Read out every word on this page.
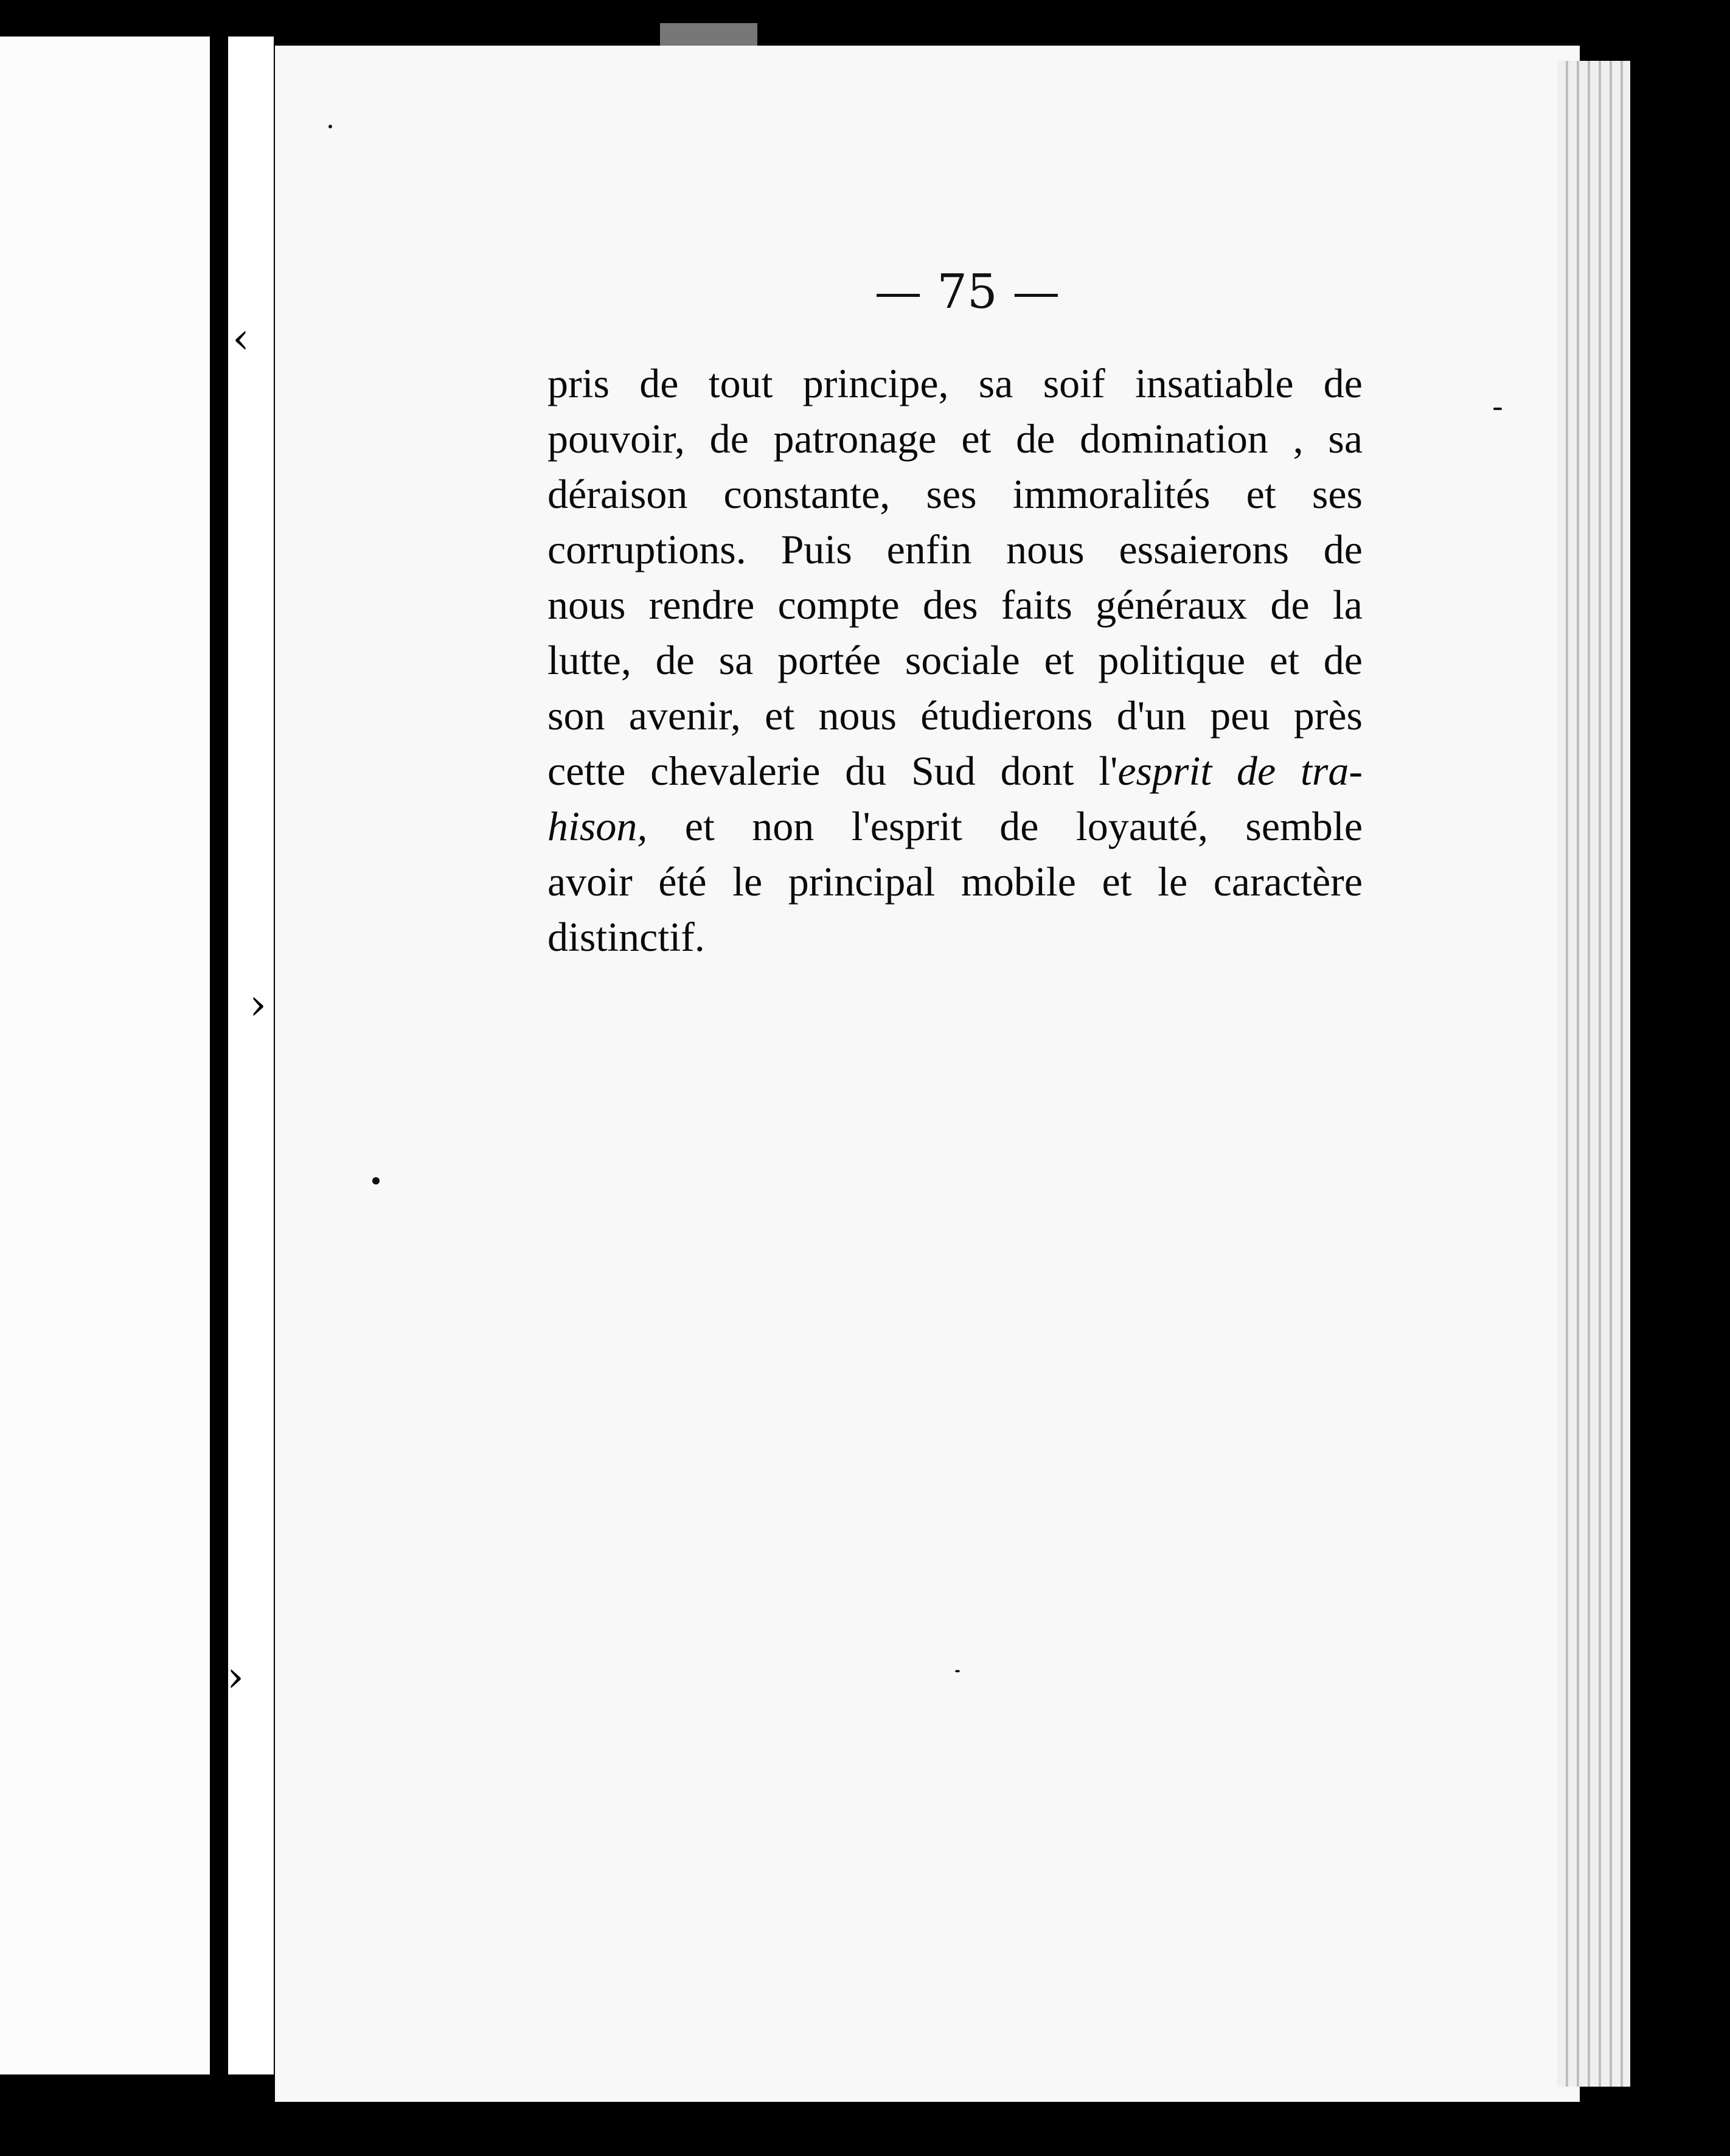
‹
›
‹›
— 75 —
pris de tout principe, sa soif insatiable de
pouvoir, de patronage et de domination , sa
déraison constante, ses immoralités et ses
corruptions. Puis enfin nous essaierons de
nous rendre compte des faits généraux de la
lutte, de sa portée sociale et politique et de
son avenir, et nous étudierons d'un peu près
cette chevalerie du Sud dont l'esprit de tra-
hison, et non l'esprit de loyauté, semble
avoir été le principal mobile et le caractère
distinctif.
